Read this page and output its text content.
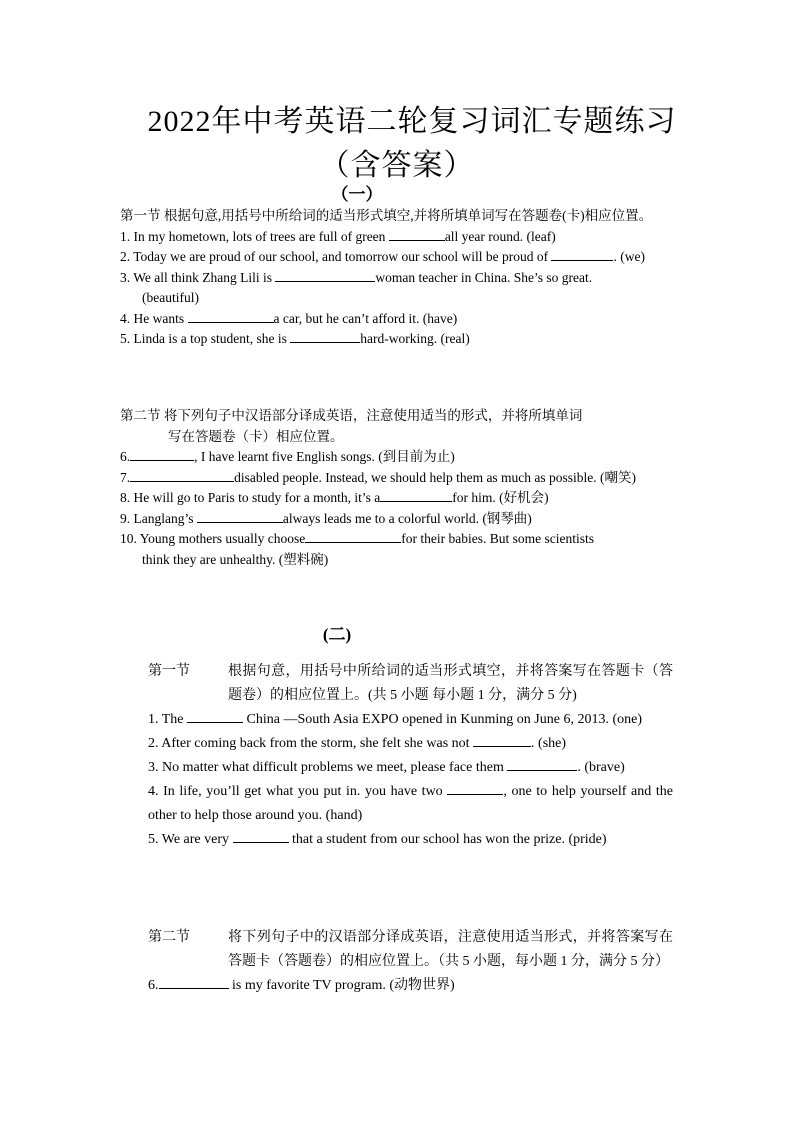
2022年中考英语二轮复习词汇专题练习
（含答案）
（一）

第一节 根据句意,用括号中所给词的适当形式填空,并将所填单词写在答题卷(卡)相应位置。

1. In my hometown, lots of trees are full of green	all year round. (leaf)

2. Today we are proud of our school, and tomorrow our school will be proud of	. (we)

3. We all think Zhang Lili is	woman teacher in China. She’s so great.

(beautiful)

4. He wants	a car, but he can’t afford it. (have)

5. Linda is a top student, she is	hard-working. (real)

第二节 将下列句子中汉语部分译成英语，注意使用适当的形式，并将所填单词

写在答题卷（卡）相应位置。

6.	, I have learnt five English songs. (到目前为止)

7.	disabled people. Instead, we should help them as much as possible. (嘲笑)

8. He will go to Paris to study for a month, it’s a	for him. (好机会)

9. Langlang’s	always leads me to a colorful world. (钢琴曲)

10. Young mothers usually choose	for their babies. But some scientists

think they are unhealthy. (塑料碗)

(二)
第一节	根据句意，用括号中所给词的适当形式填空，并将答案写在答题卡（答题卷）的相应位置上。(共 5 小题 每小题 1 分，满分 5 分)

1. The	China —South Asia EXPO opened in Kunming on June 6, 2013. (one)

2. After coming back from the storm, she felt she was not	. (she)

3. No matter what difficult problems we meet, please face them	. (brave)

4. In life, you’ll get what you put in. you have two	, one to help yourself and the other to help those around you. (hand)

5. We are very	that a student from our school has won the prize. (pride)

第二节	将下列句子中的汉语部分译成英语，注意使用适当形式，并将答案写在答题卡（答题卷）的相应位置上。（共 5 小题，每小题 1 分，满分 5 分）

6.	is my favorite TV program. (动物世界)
